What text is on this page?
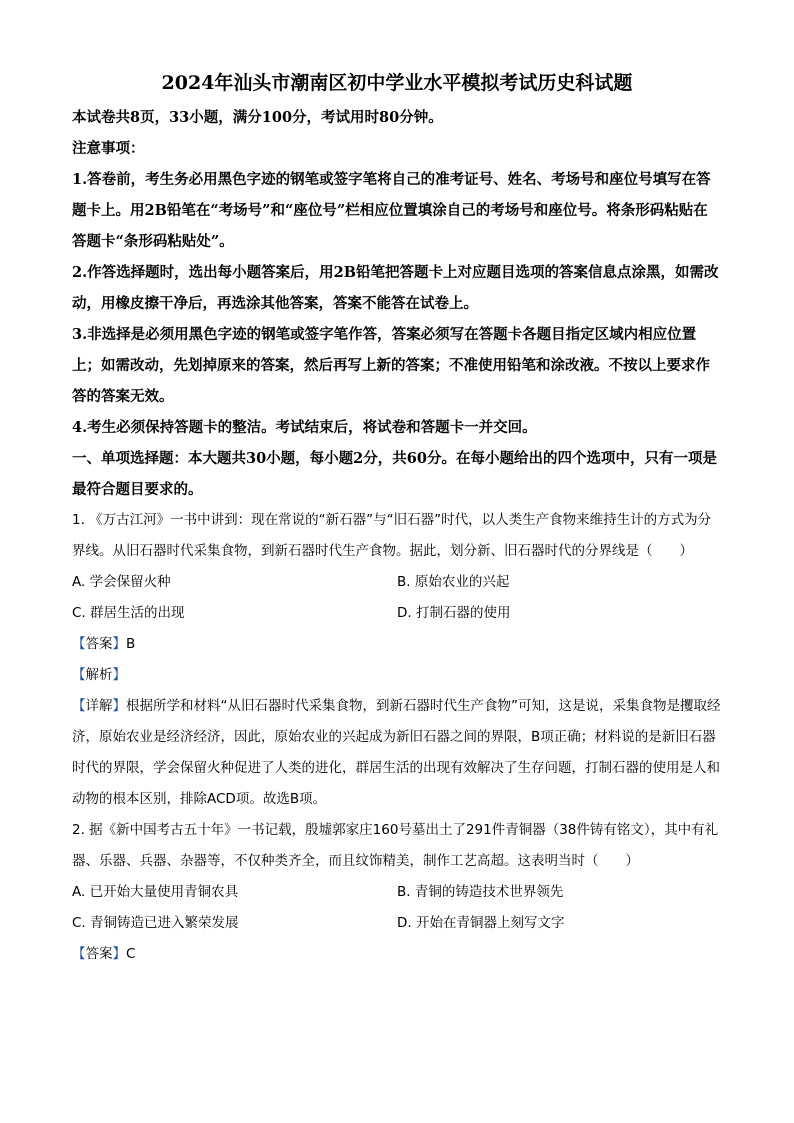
2024年汕头市潮南区初中学业水平模拟考试历史科试题

本试卷共8页，33小题，满分100分，考试用时80分钟。

注意事项：

1.答卷前，考生务必用黑色字迹的钢笔或签字笔将自己的准考证号、姓名、考场号和座位号填写在答题卡上。用2B铅笔在“考场号”和“座位号”栏相应位置填涂自己的考场号和座位号。将条形码粘贴在答题卡“条形码粘贴处”。

2.作答选择题时，选出每小题答案后，用2B铅笔把答题卡上对应题目选项的答案信息点涂黑，如需改动，用橡皮擦干净后，再选涂其他答案，答案不能答在试卷上。

3.非选择是必须用黑色字迹的钢笔或签字笔作答，答案必须写在答题卡各题目指定区域内相应位置上；如需改动，先划掉原来的答案，然后再写上新的答案；不准使用铅笔和涂改液。不按以上要求作答的答案无效。

4.考生必须保持答题卡的整洁。考试结束后，将试卷和答题卡一并交回。

一、单项选择题：本大题共30小题，每小题2分，共60分。在每小题给出的四个选项中，只有一项是最符合题目要求的。

1. 《万古江河》一书中讲到：现在常说的“新石器”与“旧石器”时代，以人类生产食物来维持生计的方式为分界线。从旧石器时代采集食物，到新石器时代生产食物。据此，划分新、旧石器时代的分界线是（　　）

A. 学会保留火种	B. 原始农业的兴起
C. 群居生活的出现	D. 打制石器的使用
【答案】B
【解析】

【详解】根据所学和材料“从旧石器时代采集食物，到新石器时代生产食物”可知，这是说，采集食物是攫取经济，原始农业是经济经济，因此，原始农业的兴起成为新旧石器之间的界限，B项正确；材料说的是新旧石器时代的界限，学会保留火种促进了人类的进化，群居生活的出现有效解决了生存问题，打制石器的使用是人和动物的根本区别，排除ACD项。故选B项。

2. 据《新中国考古五十年》一书记载，殷墟郭家庄160号墓出土了291件青铜器（38件铸有铭文），其中有礼器、乐器、兵器、杂器等，不仅种类齐全，而且纹饰精美，制作工艺高超。这表明当时（　　）

A. 已开始大量使用青铜农具	B. 青铜的铸造技术世界领先
C. 青铜铸造已进入繁荣发展	D. 开始在青铜器上刻写文字
【答案】C
